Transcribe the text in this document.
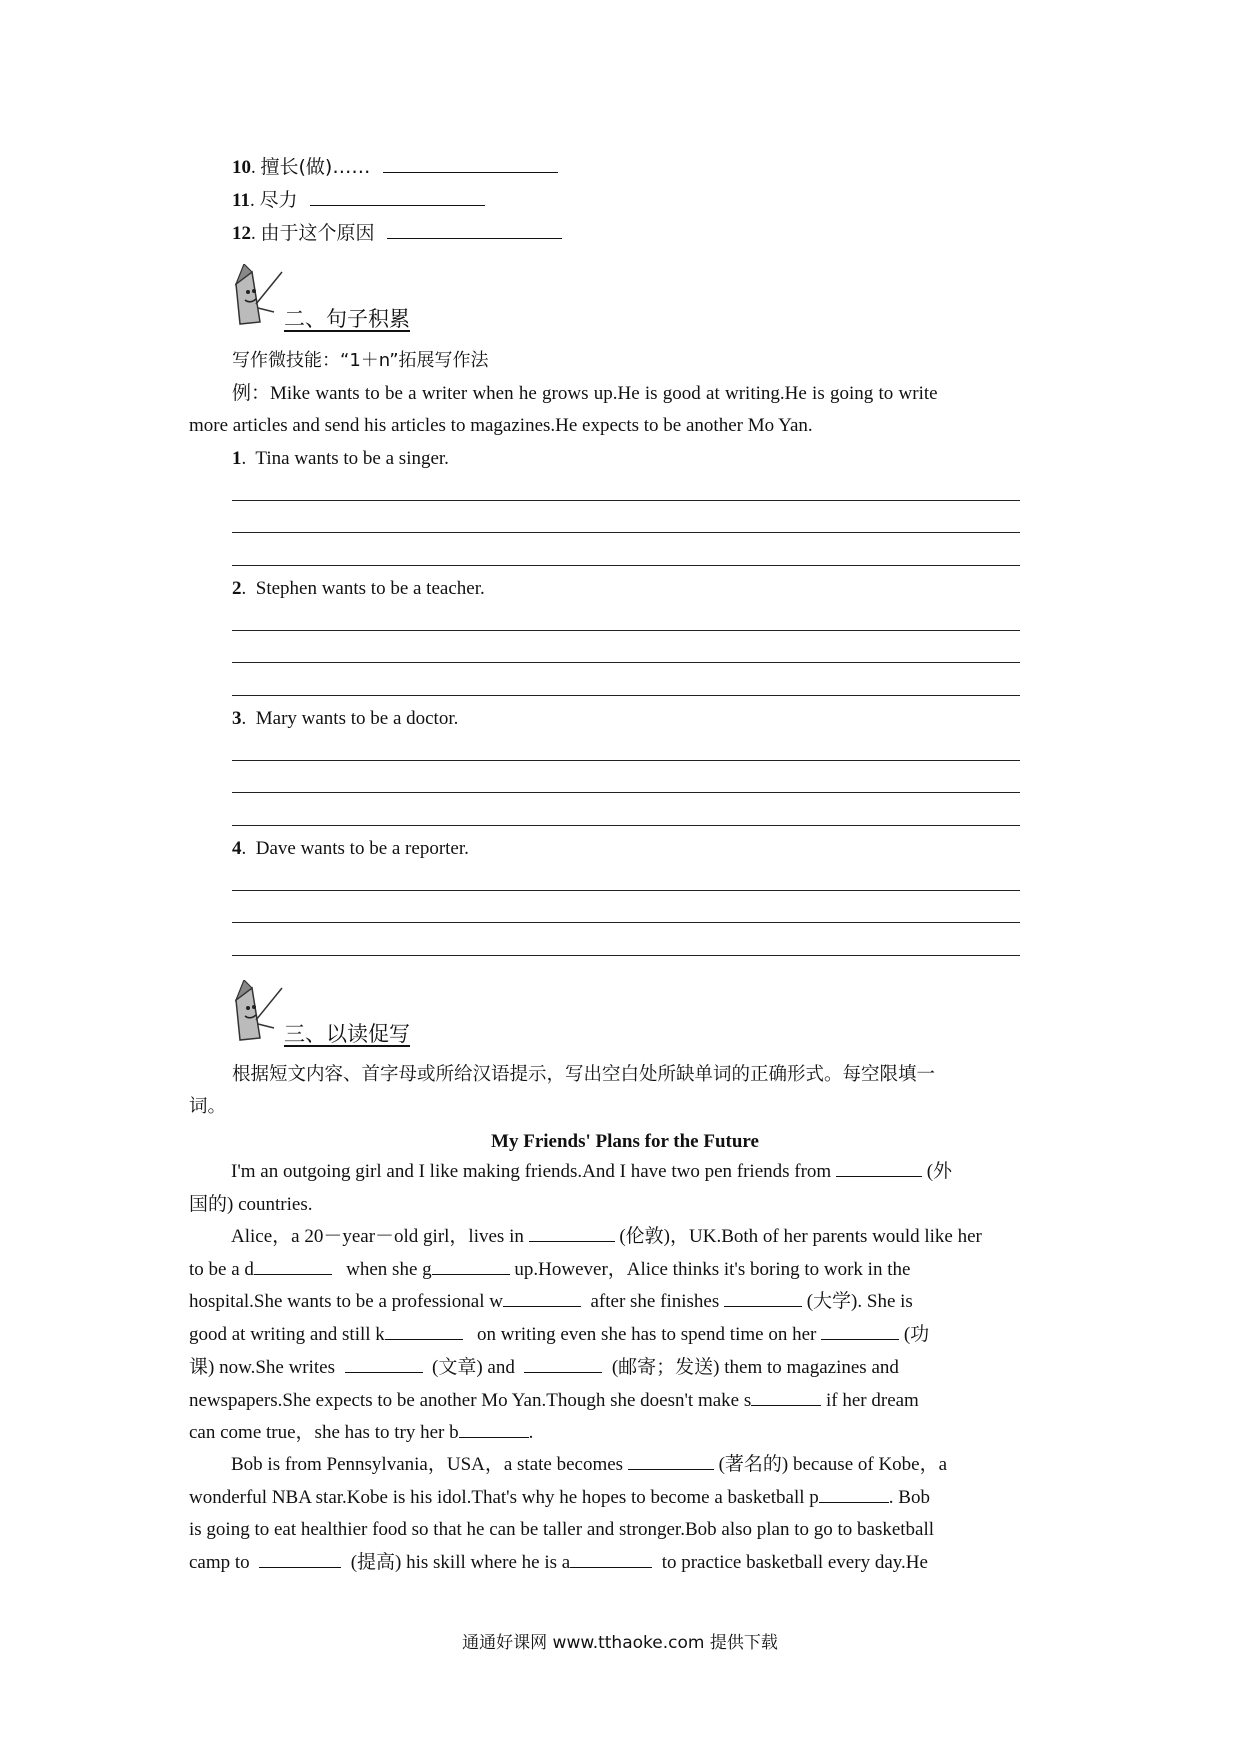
10. 擅长(做)……
11. 尽力
12. 由于这个原因
二、句子积累
写作微技能：“1＋n”拓展写作法
例：Mike wants to be a writer when he grows up.He is good at writing.He is going to write
more articles and send his articles to magazines.He expects to be another Mo Yan.
1.  Tina wants to be a singer.
2.  Stephen wants to be a teacher.
3.  Mary wants to be a doctor.
4.  Dave wants to be a reporter.
三、以读促写
根据短文内容、首字母或所给汉语提示，写出空白处所缺单词的正确形式。每空限填一
词。
My Friends' Plans for the Future
I'm an outgoing girl and I like making friends.And I have two pen friends from	(外
国的) countries.
Alice，a 20－year－old girl，lives in	(伦敦)，UK.Both of her parents would like her
to be a d	when she g	up.However，Alice thinks it's boring to work in the
hospital.She wants to be a professional w	after she finishes	(大学). She is
good at writing and still k	on writing even she has to spend time on her	(功
课) now.She writes	(文章) and	(邮寄；发送) them to magazines and
newspapers.She expects to be another Mo Yan.Though she doesn't make s	if her dream
can come true，she has to try her b	.
Bob is from Pennsylvania，USA，a state becomes	(著名的) because of Kobe，a
wonderful NBA star.Kobe is his idol.That's why he hopes to become a basketball p	. Bob
is going to eat healthier food so that he can be taller and stronger.Bob also plan to go to basketball
camp to	(提高) his skill where he is a	to practice basketball every day.He
通通好课网 www.tthaoke.com 提供下载
